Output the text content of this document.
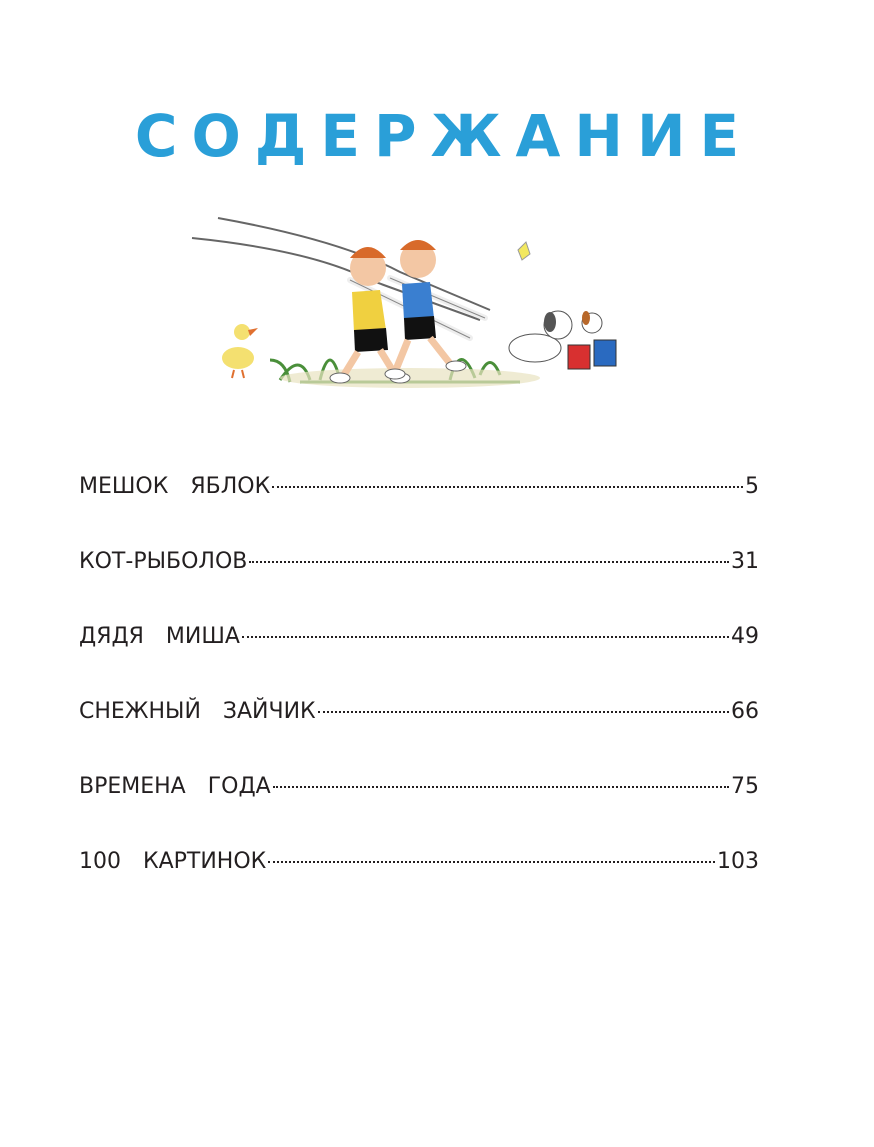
СОДЕРЖАНИЕ
МЕШОК  ЯБЛОК	5
КОТ-РЫБОЛОВ	31
ДЯДЯ  МИША	49
СНЕЖНЫЙ  ЗАЙЧИК	66
ВРЕМЕНА  ГОДА	75
100  КАРТИНОК	103
